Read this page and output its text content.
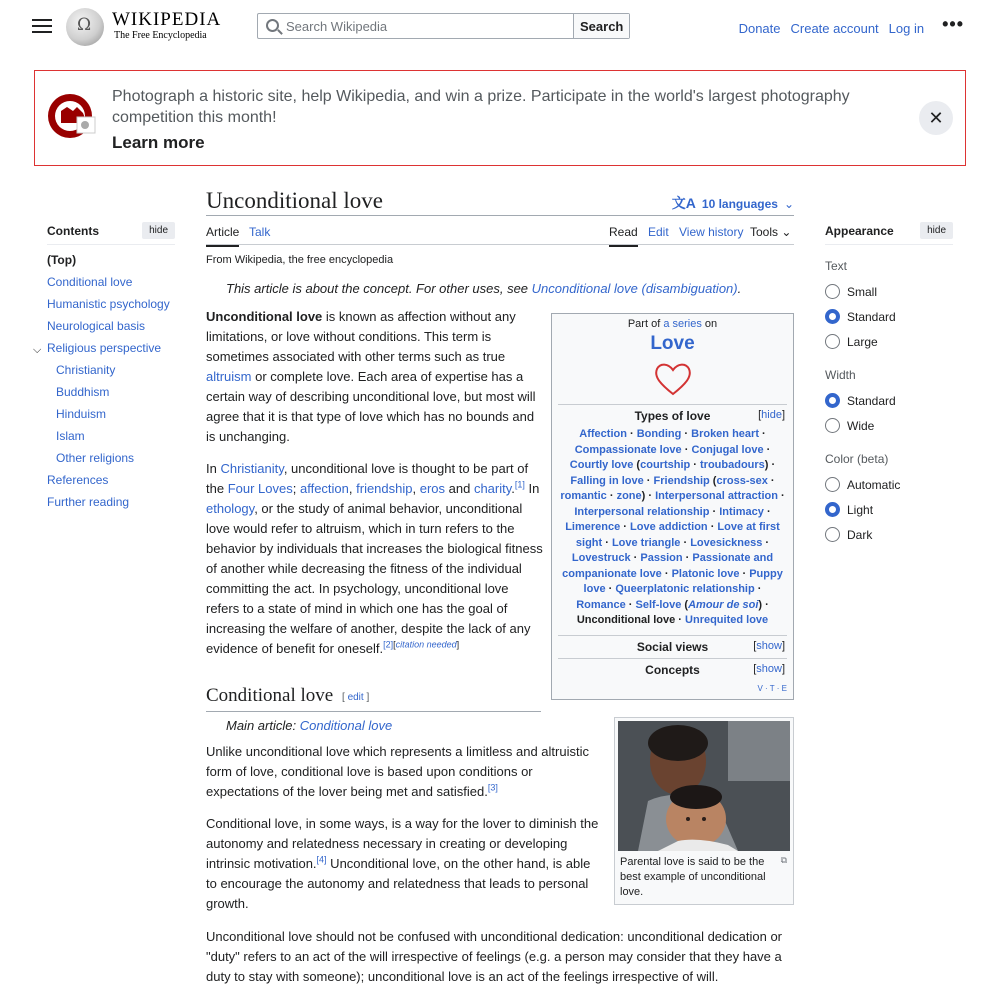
Ω
WIKIPEDIA
The Free Encyclopedia
Search Wikipedia
Search	Donate Create account Log in •••
Photograph a historic site, help Wikipedia, and win a prize. Participate in the world's largest photography competition this month!
Learn more
✕
Contents	hide
(Top)
Conditional love
Humanistic psychology
Neurological basis
⌵ Religious perspective
Christianity
Buddhism
Hinduism
Islam
Other religions
References
Further reading
Appearance	hide
Text
Small
Standard
Large
Width
Standard
Wide
Color (beta)
Automatic
Light
Dark
Unconditional love	文A 10 languages ⌄
Article Talk	Read Edit View history Tools ⌄
From Wikipedia, the free encyclopedia
This article is about the concept. For other uses, see Unconditional love (disambiguation).

Unconditional love is known as affection without any limitations, or love without conditions. This term is sometimes associated with other terms such as true altruism or complete love. Each area of expertise has a certain way of describing unconditional love, but most will agree that it is that type of love which has no bounds and is unchanging.

In Christianity, unconditional love is thought to be part of the Four Loves; affection, friendship, eros and charity.[1] In ethology, or the study of animal behavior, unconditional love would refer to altruism, which in turn refers to the behavior by individuals that increases the biological fitness of another while decreasing the fitness of the individual committing the act. In psychology, unconditional love refers to a state of mind in which one has the goal of increasing the welfare of another, despite the lack of any evidence of benefit for oneself.[2][citation needed]

Part of a series on
Love
Types of love	[hide]
Affection · Bonding · Broken heart · Compassionate love · Conjugal love · Courtly love (courtship · troubadours) · Falling in love · Friendship (cross-sex · romantic · zone) · Interpersonal attraction · Interpersonal relationship · Intimacy · Limerence · Love addiction · Love at first sight · Love triangle · Lovesickness · Lovestruck · Passion · Passionate and companionate love · Platonic love · Puppy love · Queerplatonic relationship · Romance · Self-love (Amour de soi) · Unconditional love · Unrequited love
Social views	[show]
Concepts	[show]
V · T · E
Conditional love [ edit ]
Main article: Conditional love

Unlike unconditional love which represents a limitless and altruistic form of love, conditional love is based upon conditions or expectations of the lover being met and satisfied.[3]

Conditional love, in some ways, is a way for the lover to diminish the autonomy and relatedness necessary in creating or developing intrinsic motivation.[4] Unconditional love, on the other hand, is able to encourage the autonomy and relatedness that leads to personal growth.

Unconditional love should not be confused with unconditional dedication: unconditional dedication or "duty" refers to an act of the will irrespective of feelings (e.g. a person may consider that they have a duty to stay with someone); unconditional love is an act of the feelings irrespective of will.

⧉
Parental love is said to be the best example of unconditional love.
